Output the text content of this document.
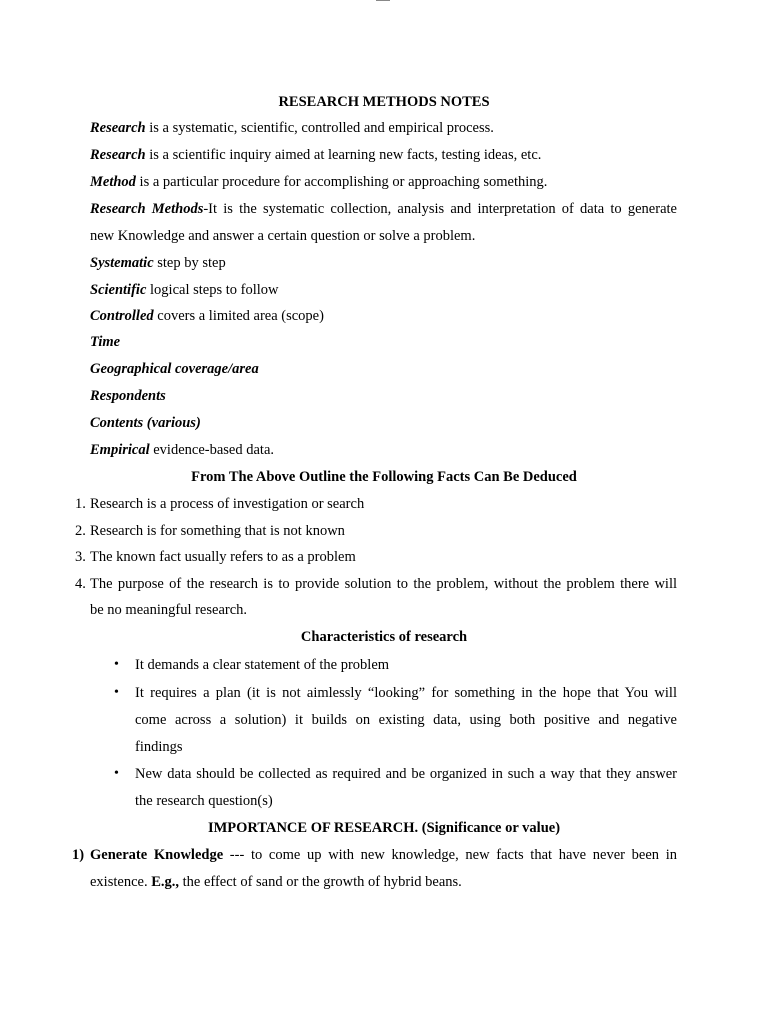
RESEARCH METHODS NOTES
Research is a systematic, scientific, controlled and empirical process.
Research is a scientific inquiry aimed at learning new facts, testing ideas, etc.
Method is a particular procedure for accomplishing or approaching something.
Research Methods-It is the systematic collection, analysis and interpretation of data to generate
new Knowledge and answer a certain question or solve a problem.
Systematic step by step
Scientific logical steps to follow
Controlled covers a limited area (scope)
Time
Geographical coverage/area
Respondents
Contents (various)
Empirical evidence-based data.
From The Above Outline the Following Facts Can Be Deduced
1. Research is a process of investigation or search
2. Research is for something that is not known
3. The known fact usually refers to as a problem
4. The purpose of the research is to provide solution to the problem, without the problem there will
be no meaningful research.
Characteristics of research
• It demands a clear statement of the problem
• It requires a plan (it is not aimlessly “looking” for something in the hope that You will
come across a solution) it builds on existing data, using both positive and negative
findings
• New data should be collected as required and be organized in such a way that they answer
the research question(s)
IMPORTANCE OF RESEARCH. (Significance or value)
1) Generate Knowledge --- to come up with new knowledge, new facts that have never been in
existence. E.g., the effect of sand or the growth of hybrid beans.
